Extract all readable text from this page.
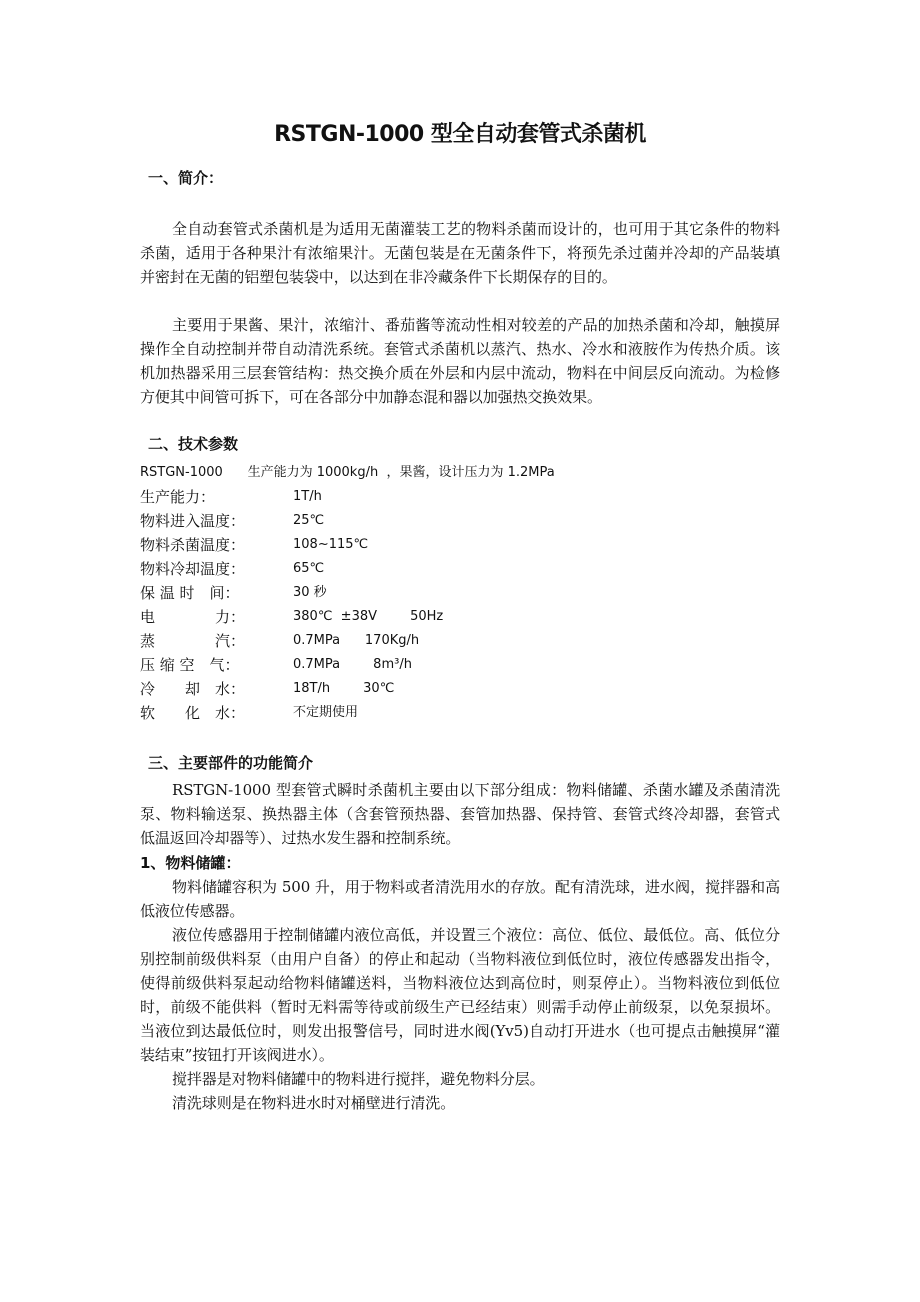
RSTGN-1000 型全自动套管式杀菌机
一、简介：

全自动套管式杀菌机是为适用无菌灌装工艺的物料杀菌而设计的，也可用于其它条件的物料杀菌，适用于各种果汁有浓缩果汁。无菌包装是在无菌条件下，将预先杀过菌并冷却的产品装填并密封在无菌的铝塑包装袋中，以达到在非冷藏条件下长期保存的目的。

主要用于果酱、果汁，浓缩汁、番茄酱等流动性相对较差的产品的加热杀菌和冷却，触摸屏操作全自动控制并带自动清洗系统。套管式杀菌机以蒸汽、热水、冷水和液胺作为传热介质。该机加热器采用三层套管结构：热交换介质在外层和内层中流动，物料在中间层反向流动。为检修方便其中间管可拆下，可在各部分中加静态混和器以加强热交换效果。

二、技术参数
RSTGN-1000      生产能力为 1000kg/h  ，果酱，设计压力为 1.2MPa
生产能力：	1T/h
物料进入温度：	25℃
物料杀菌温度：	108~115℃
物料冷却温度：	65℃
保 温 时　间：	30 秒
电　　　　力：	380℃  ±38V        50Hz
蒸　　　　汽：	0.7MPa      170Kg/h
压 缩 空　气：	0.7MPa        8m³/h
冷　　却　水：	18T/h        30℃
软　　化　水：	不定期使用
三、主要部件的功能简介

RSTGN-1000 型套管式瞬时杀菌机主要由以下部分组成：物料储罐、杀菌水罐及杀菌清洗泵、物料输送泵、换热器主体（含套管预热器、套管加热器、保持管、套管式终冷却器，套管式低温返回冷却器等）、过热水发生器和控制系统。

1、物料储罐：

物料储罐容积为 500 升，用于物料或者清洗用水的存放。配有清洗球，进水阀，搅拌器和高低液位传感器。

液位传感器用于控制储罐内液位高低，并设置三个液位：高位、低位、最低位。高、低位分别控制前级供料泵（由用户自备）的停止和起动（当物料液位到低位时，液位传感器发出指令，使得前级供料泵起动给物料储罐送料，当物料液位达到高位时，则泵停止）。当物料液位到低位时，前级不能供料（暂时无料需等待或前级生产已经结束）则需手动停止前级泵，以免泵损坏。当液位到达最低位时，则发出报警信号，同时进水阀(Yv5)自动打开进水（也可提点击触摸屏“灌装结束”按钮打开该阀进水）。

搅拌器是对物料储罐中的物料进行搅拌，避免物料分层。

清洗球则是在物料进水时对桶壁进行清洗。
